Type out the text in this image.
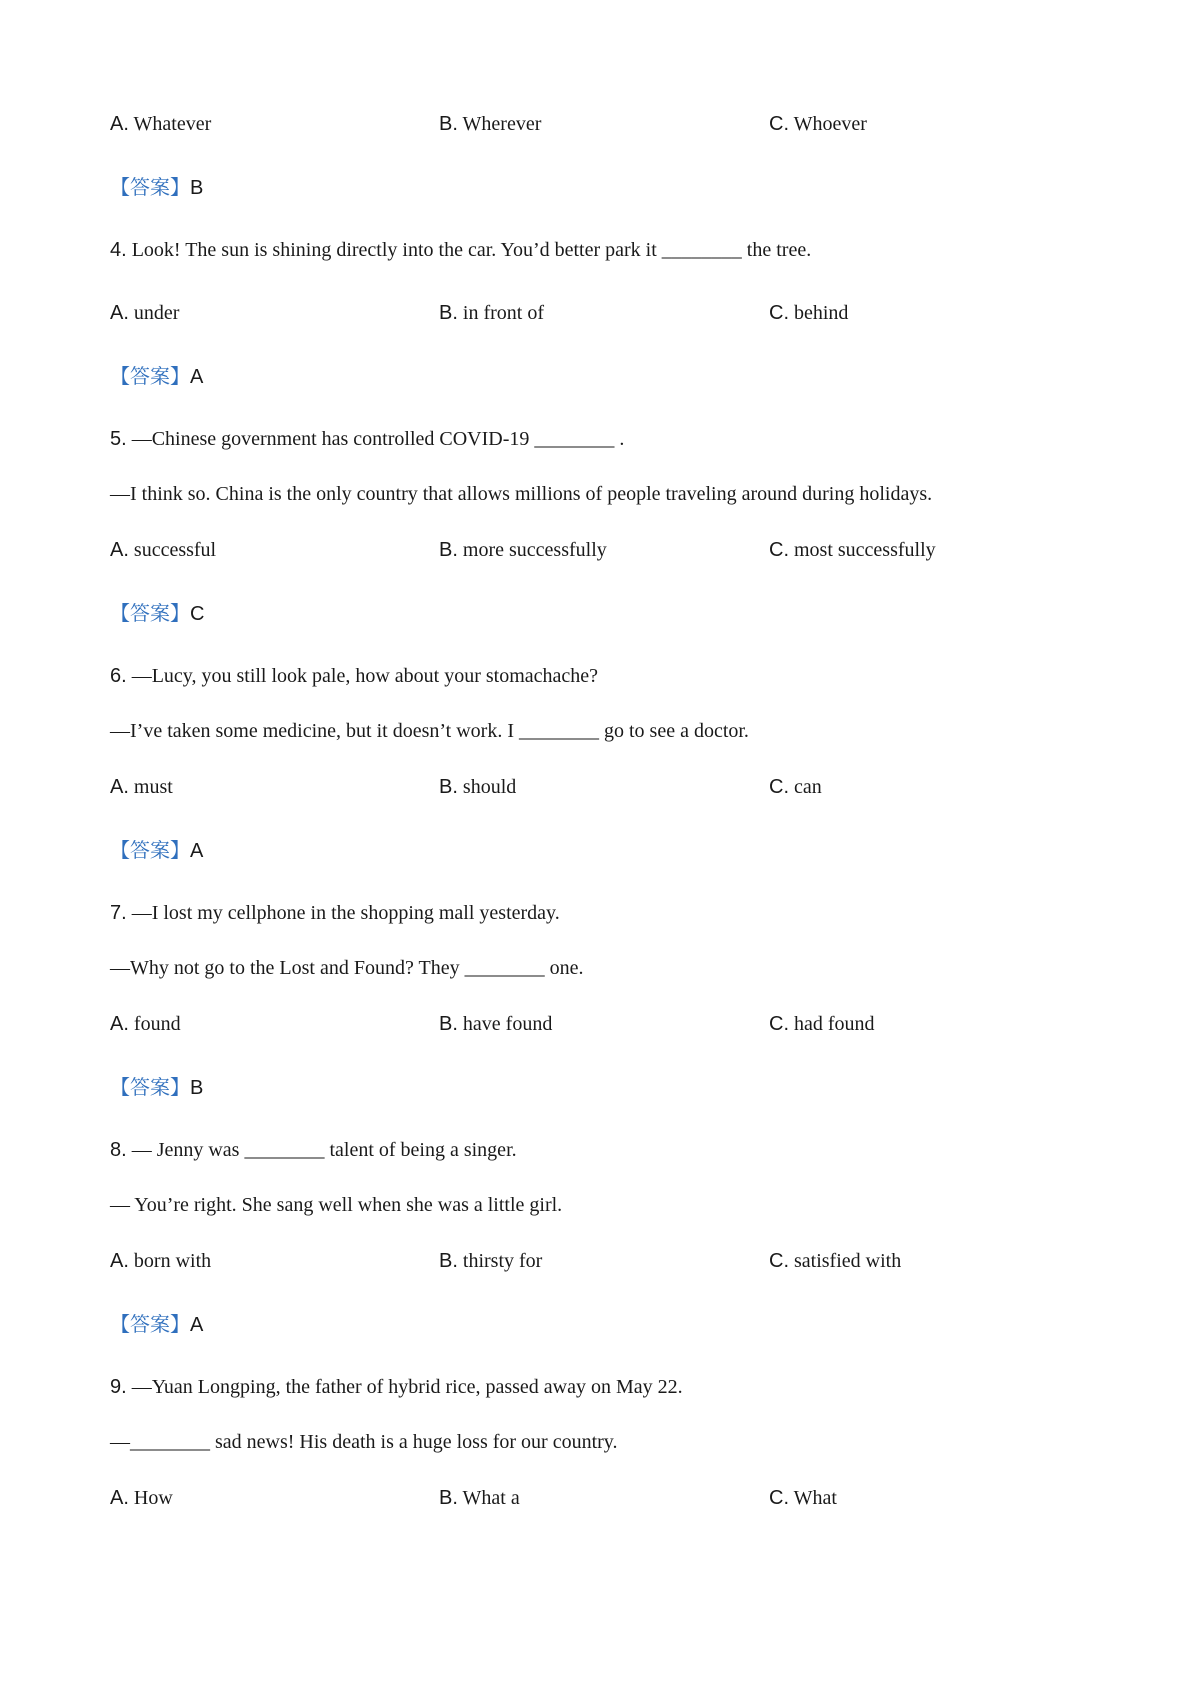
A. Whatever	B. Wherever	C. Whoever
【答案】B
4. Look! The sun is shining directly into the car. You’d better park it ________ the tree.
A. under	B. in front of	C. behind
【答案】A
5. —Chinese government has controlled COVID-19 ________ .
—I think so. China is the only country that allows millions of people traveling around during holidays.
A. successful	B. more successfully	C. most successfully
【答案】C
6. —Lucy, you still look pale, how about your stomachache?
—I’ve taken some medicine, but it doesn’t work. I ________ go to see a doctor.
A. must	B. should	C. can
【答案】A
7. —I lost my cellphone in the shopping mall yesterday.
—Why not go to the Lost and Found? They ________ one.
A. found	B. have found	C. had found
【答案】B
8. — Jenny was ________ talent of being a singer.
— You’re right. She sang well when she was a little girl.
A. born with	B. thirsty for	C. satisfied with
【答案】A
9. —Yuan Longping, the father of hybrid rice, passed away on May 22.
—________ sad news! His death is a huge loss for our country.
A. How	B. What a	C. What
